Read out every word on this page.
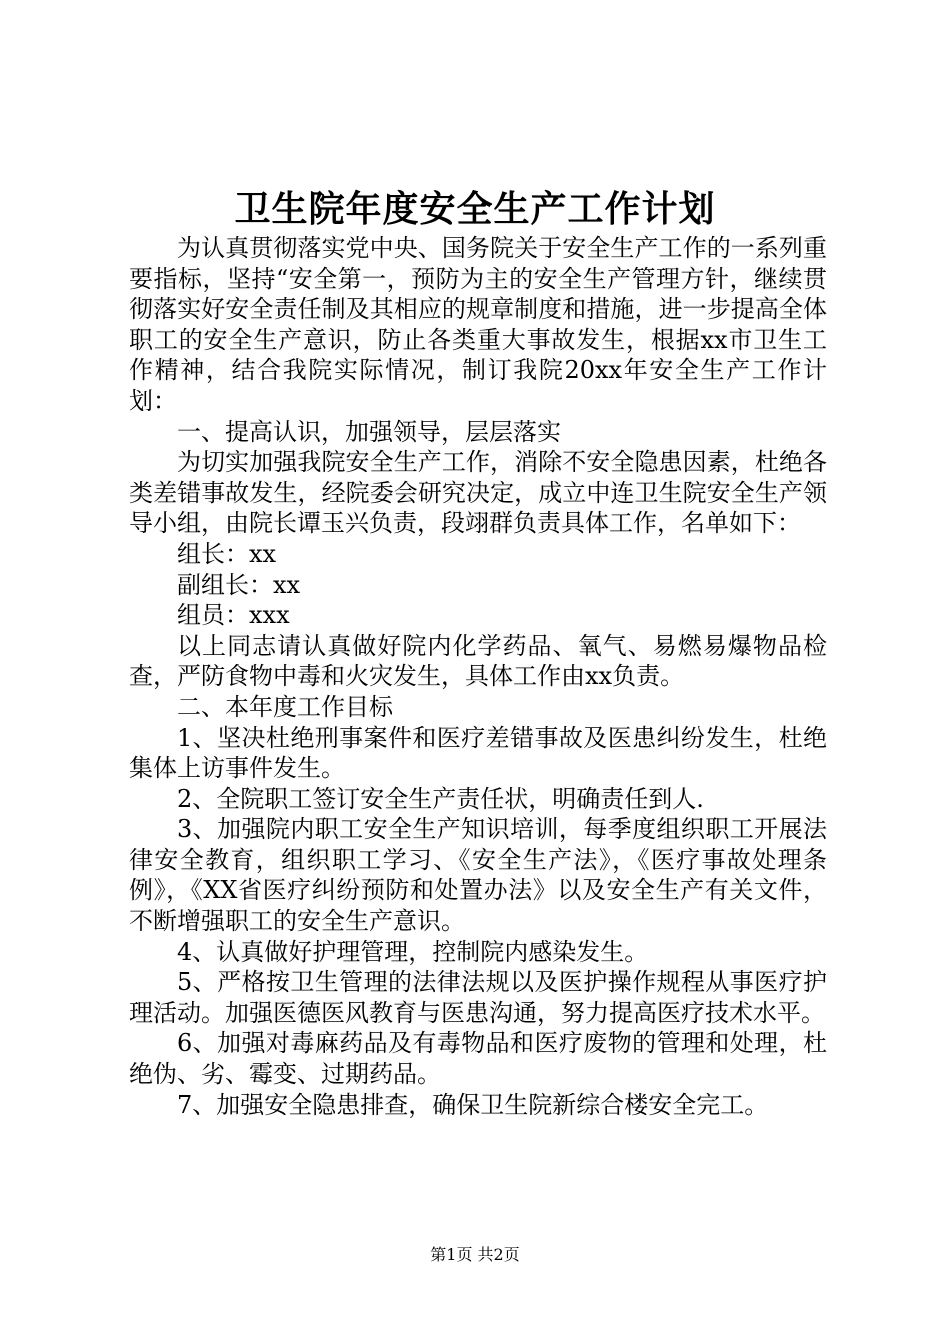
卫生院年度安全生产工作计划

为认真贯彻落实党中央、国务院关于安全生产工作的一系列重要指标，坚持“安全第一，预防为主的安全生产管理方针，继续贯彻落实好安全责任制及其相应的规章制度和措施，进一步提高全体职工的安全生产意识，防止各类重大事故发生，根据xx市卫生工作精神，结合我院实际情况，制订我院20xx年安全生产工作计划：

一、提高认识，加强领导，层层落实

为切实加强我院安全生产工作，消除不安全隐患因素，杜绝各类差错事故发生，经院委会研究决定，成立中连卫生院安全生产领导小组，由院长谭玉兴负责，段翊群负责具体工作，名单如下：

组长：xx

副组长：xx

组员：xxx

以上同志请认真做好院内化学药品、氧气、易燃易爆物品检查，严防食物中毒和火灾发生，具体工作由xx负责。

二、本年度工作目标

1、坚决杜绝刑事案件和医疗差错事故及医患纠纷发生，杜绝集体上访事件发生。

2、全院职工签订安全生产责任状，明确责任到人.

3、加强院内职工安全生产知识培训，每季度组织职工开展法律安全教育，组织职工学习、《安全生产法》，《医疗事故处理条例》，《XX省医疗纠纷预防和处置办法》以及安全生产有关文件，不断增强职工的安全生产意识。

4、认真做好护理管理，控制院内感染发生。

5、严格按卫生管理的法律法规以及医护操作规程从事医疗护理活动。加强医德医风教育与医患沟通，努力提高医疗技术水平。

6、加强对毒麻药品及有毒物品和医疗废物的管理和处理，杜绝伪、劣、霉变、过期药品。

7、加强安全隐患排查，确保卫生院新综合楼安全完工。

第1页 共2页
